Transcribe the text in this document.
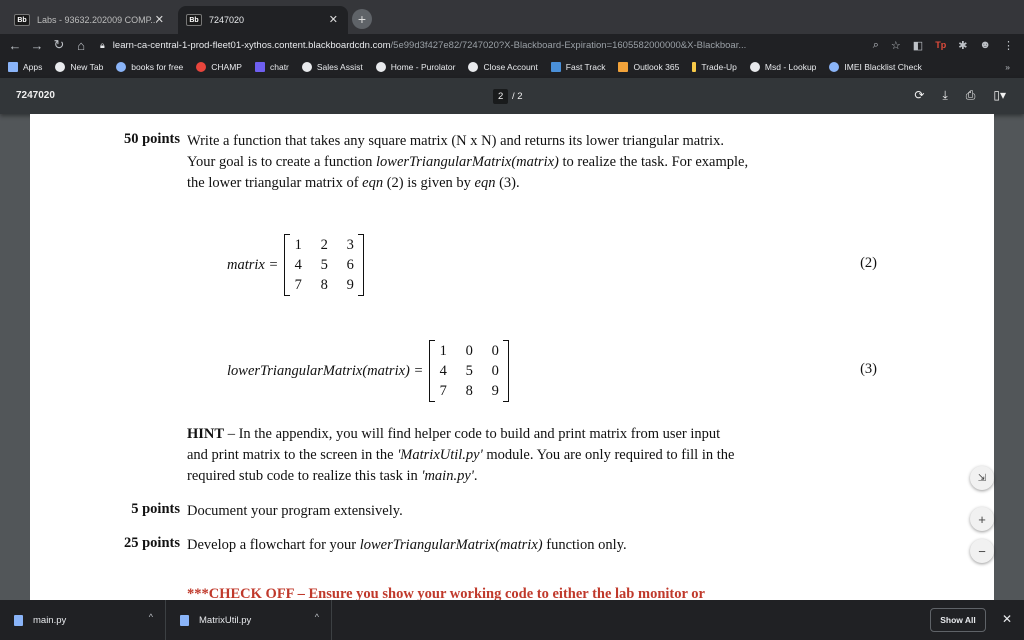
Bb	Labs - 93632.202009 COMP...
✕	Bb	7247020	✕	+
← → ↻ ⌂	🔒︎ learn-ca-central-1-prod-fleet01-xythos.content.blackboardcdn.com /5e99d3f427e82/7247020?X-Blackboard-Expiration=1605582000000&X-Blackboar...	⌕ ☆ ◧ Tp ✱ ☻ ⋮
Apps	New Tab	books for free	CHAMP	chatr	Sales Assist	Home - Purolator	Close Account	Fast Track	Outlook 365	Trade-Up	Msd - Lookup	IMEI Blacklist Check	»
7247020	2 / 2	⟳ ⤓ ⎙ ▯▾
50 points Write a function that takes any square matrix (N x N) and returns its lower triangular matrix.
Your goal is to create a function lowerTriangularMatrix(matrix) to realize the task. For example,
the lower triangular matrix of eqn (2) is given by eqn (3).
matrix =
1	2	3
4	5	6
7	8	9
(2)
lowerTriangularMatrix(matrix) =
1	0	0
4	5	0
7	8	9
(3)
HINT – In the appendix, you will find helper code to build and print matrix from user input
and print matrix to the screen in the 'MatrixUtil.py' module. You are only required to fill in the
required stub code to realize this task in 'main.py'.
5 points Document your program extensively.
25 points Develop a flowchart for your lowerTriangularMatrix(matrix) function only.
***CHECK OFF – Ensure you show your working code to either the lab monitor or
⇲
+
−
main.py	^	MatrixUtil.py	^	Show All	✕
